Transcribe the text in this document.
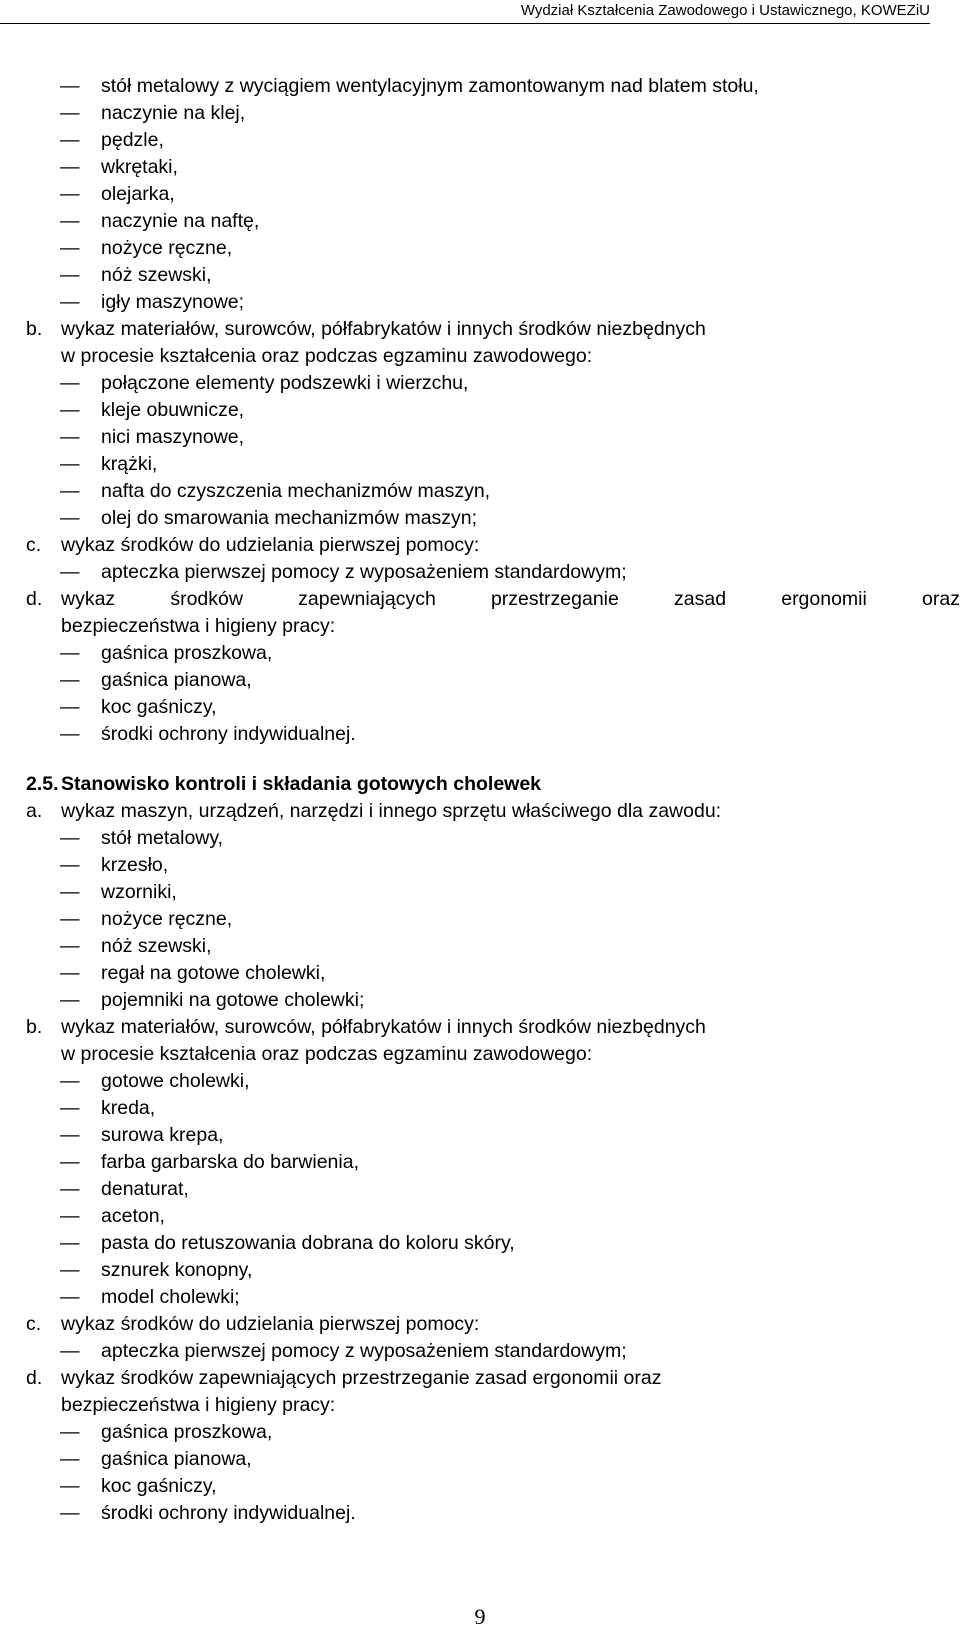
Wydział Kształcenia Zawodowego i Ustawicznego, KOWEZiU
—
stół metalowy z wyciągiem wentylacyjnym zamontowanym nad blatem stołu,
—
naczynie na klej,
—
pędzle,
—
wkrętaki,
—
olejarka,
—
naczynie na naftę,
—
nożyce ręczne,
—
nóż szewski,
—
igły maszynowe;
b. wykaz materiałów, surowców, półfabrykatów i innych środków niezbędnych
w procesie kształcenia oraz podczas egzaminu zawodowego:
—
połączone elementy podszewki i wierzchu,
—
kleje obuwnicze,
—
nici maszynowe,
—
krążki,
—
nafta do czyszczenia mechanizmów maszyn,
—
olej do smarowania mechanizmów maszyn;
c. wykaz środków do udzielania pierwszej pomocy:
—
apteczka pierwszej pomocy z wyposażeniem standardowym;
d. wykaz	środków	zapewniających	przestrzeganie	zasad	ergonomii	oraz
bezpieczeństwa i higieny pracy:
—
gaśnica proszkowa,
—
gaśnica pianowa,
—
koc gaśniczy,
—
środki ochrony indywidualnej.
2.5. Stanowisko kontroli i składania gotowych cholewek
a. wykaz maszyn, urządzeń, narzędzi i innego sprzętu właściwego dla zawodu:
—
stół metalowy,
—
krzesło,
—
wzorniki,
—
nożyce ręczne,
—
nóż szewski,
—
regał na gotowe cholewki,
—
pojemniki na gotowe cholewki;
b. wykaz materiałów, surowców, półfabrykatów i innych środków niezbędnych
w procesie kształcenia oraz podczas egzaminu zawodowego:
—
gotowe cholewki,
—
kreda,
—
surowa krepa,
—
farba garbarska do barwienia,
—
denaturat,
—
aceton,
—
pasta do retuszowania dobrana do koloru skóry,
—
sznurek konopny,
—
model cholewki;
c. wykaz środków do udzielania pierwszej pomocy:
—
apteczka pierwszej pomocy z wyposażeniem standardowym;
d. wykaz środków zapewniających przestrzeganie zasad ergonomii oraz
bezpieczeństwa i higieny pracy:
—
gaśnica proszkowa,
—
gaśnica pianowa,
—
koc gaśniczy,
—
środki ochrony indywidualnej.
9
